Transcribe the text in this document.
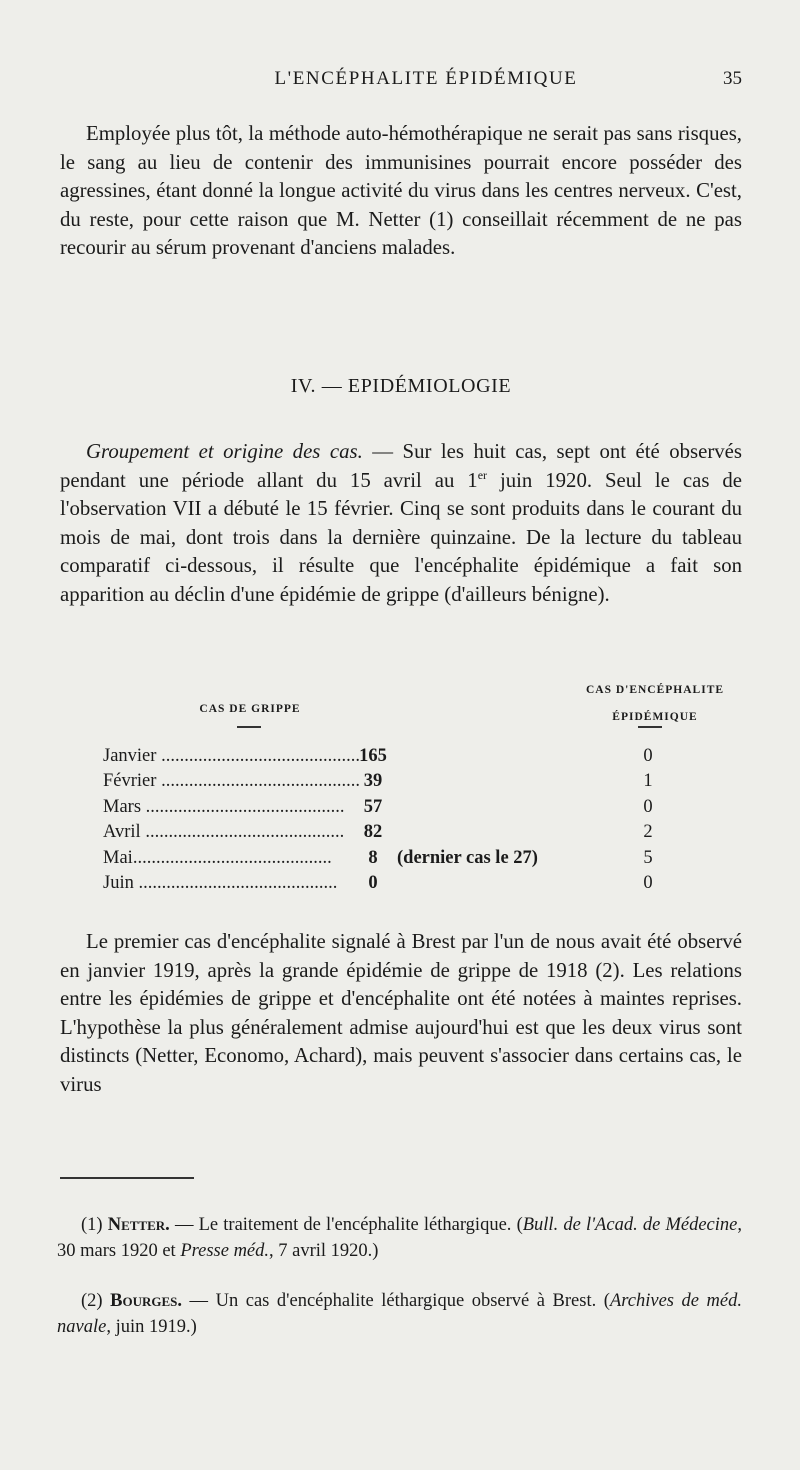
L'ENCÉPHALITE ÉPIDÉMIQUE	35

Employée plus tôt, la méthode auto-hémothérapique ne serait pas sans risques, le sang au lieu de contenir des immunisines pourrait encore posséder des agressines, étant donné la longue activité du virus dans les centres nerveux. C'est, du reste, pour cette raison que M. Netter (1) conseillait récemment de ne pas recourir au sérum provenant d'anciens malades.

IV. — EPIDÉMIOLOGIE

Groupement et origine des cas. — Sur les huit cas, sept ont été observés pendant une période allant du 15 avril au 1er juin 1920. Seul le cas de l'observation VII a débuté le 15 février. Cinq se sont produits dans le courant du mois de mai, dont trois dans la dernière quinzaine. De la lecture du tableau comparatif ci-dessous, il résulte que l'encéphalite épidémique a fait son apparition au déclin d'une épidémie de grippe (d'ailleurs bénigne).

CAS DE GRIPPE
CAS D'ENCÉPHALITE
ÉPIDÉMIQUE
Janvier ........................................... 165	0
Février ........................................... 39	1
Mars ...........................................	57	0
Avril ...........................................	82	2
Mai...........................................	8	(dernier cas le 27)	5
Juin ...........................................	0	0

Le premier cas d'encéphalite signalé à Brest par l'un de nous avait été observé en janvier 1919, après la grande épidémie de grippe de 1918 (2). Les relations entre les épidémies de grippe et d'encéphalite ont été notées à maintes reprises. L'hypothèse la plus généralement admise aujourd'hui est que les deux virus sont distincts (Netter, Economo, Achard), mais peuvent s'associer dans certains cas, le virus

(1) Netter. — Le traitement de l'encéphalite léthargique. (Bull. de l'Acad. de Médecine, 30 mars 1920 et Presse méd., 7 avril 1920.)

(2) Bourges. — Un cas d'encéphalite léthargique observé à Brest. (Archives de méd. navale, juin 1919.)
